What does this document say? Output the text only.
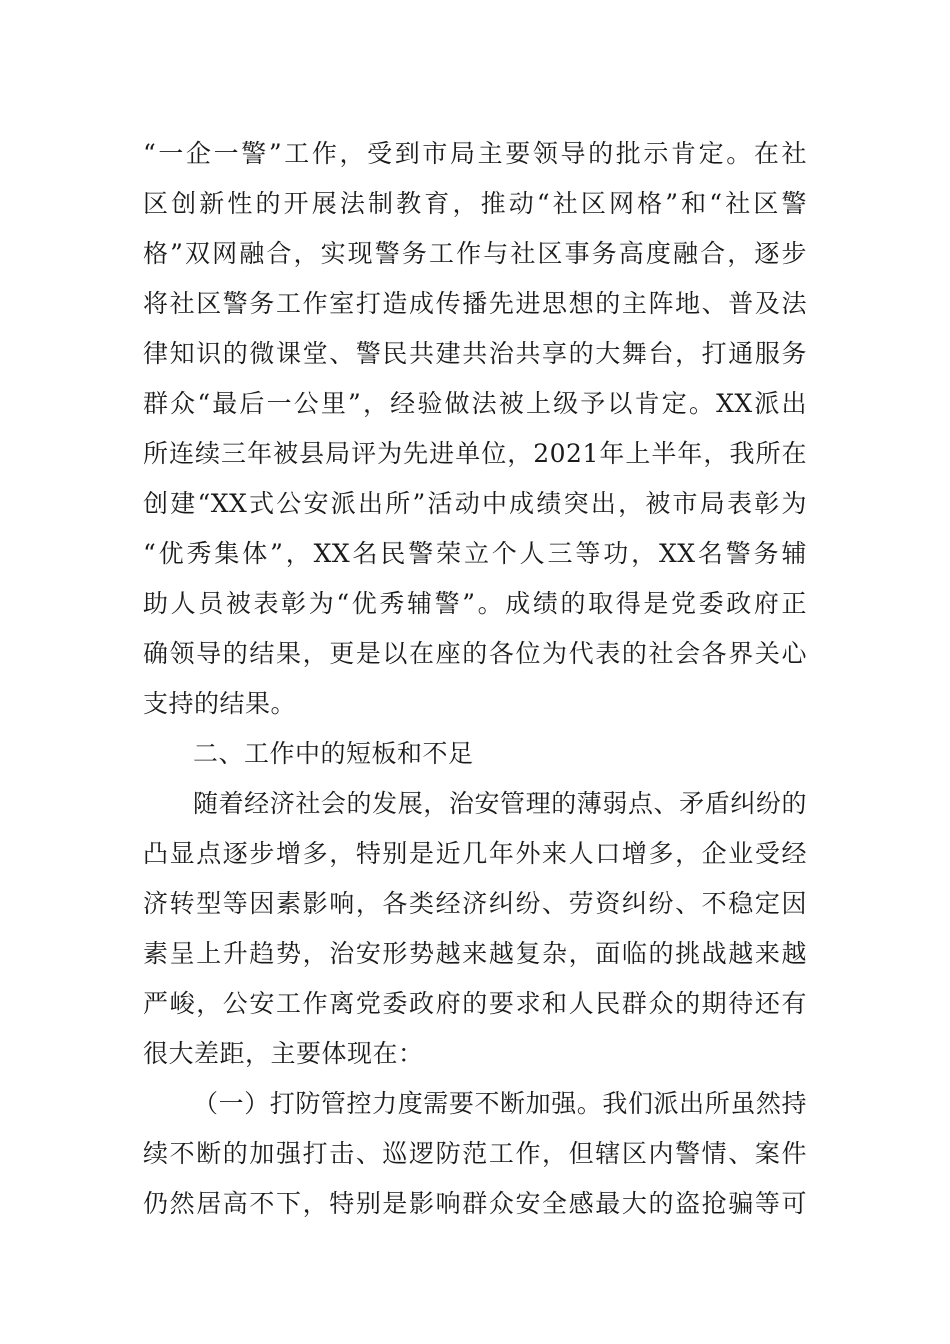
“一企一警”工作，受到市局主要领导的批示肯定。在社
区创新性的开展法制教育，推动“社区网格”和“社区警
格”双网融合，实现警务工作与社区事务高度融合，逐步
将社区警务工作室打造成传播先进思想的主阵地、普及法
律知识的微课堂、警民共建共治共享的大舞台，打通服务
群众“最后一公里”，经验做法被上级予以肯定。XX派出
所连续三年被县局评为先进单位，2021年上半年，我所在
创建“XX式公安派出所”活动中成绩突出，被市局表彰为
“优秀集体”，XX名民警荣立个人三等功，XX名警务辅
助人员被表彰为“优秀辅警”。成绩的取得是党委政府正
确领导的结果，更是以在座的各位为代表的社会各界关心
支持的结果。
二、工作中的短板和不足
随着经济社会的发展，治安管理的薄弱点、矛盾纠纷的
凸显点逐步增多，特别是近几年外来人口增多，企业受经
济转型等因素影响，各类经济纠纷、劳资纠纷、不稳定因
素呈上升趋势，治安形势越来越复杂，面临的挑战越来越
严峻，公安工作离党委政府的要求和人民群众的期待还有
很大差距，主要体现在：
（一）打防管控力度需要不断加强。我们派出所虽然持
续不断的加强打击、巡逻防范工作，但辖区内警情、案件
仍然居高不下，特别是影响群众安全感最大的盗抢骗等可
